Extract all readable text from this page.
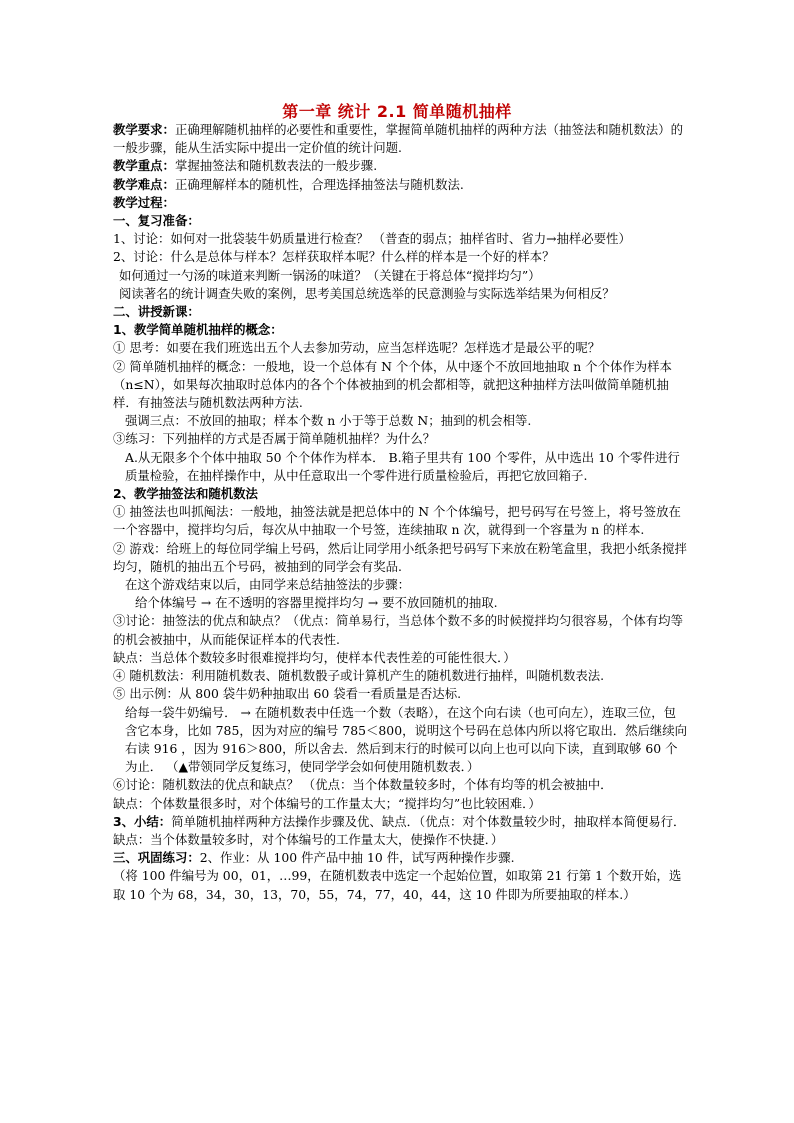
第一章 统计 2.1 简单随机抽样

教学要求：正确理解随机抽样的必要性和重要性，掌握简单随机抽样的两种方法（抽签法和随机数法）的一般步骤，能从生活实际中提出一定价值的统计问题.

教学重点：掌握抽签法和随机数表法的一般步骤.

教学难点：正确理解样本的随机性，合理选择抽签法与随机数法.

教学过程：

一、复习准备：

1、讨论：如何对一批袋装牛奶质量进行检查？ （普查的弱点；抽样省时、省力→抽样必要性）

2、讨论：什么是总体与样本？怎样获取样本呢？什么样的样本是一个好的样本？

如何通过一勺汤的味道来判断一锅汤的味道？（关键在于将总体“搅拌均匀”）

阅读著名的统计调查失败的案例，思考美国总统选举的民意测验与实际选举结果为何相反？

二、讲授新课：

1、教学简单随机抽样的概念：

① 思考：如要在我们班选出五个人去参加劳动，应当怎样选呢？怎样选才是最公平的呢？

② 简单随机抽样的概念：一般地，设一个总体有 N 个个体，从中逐个不放回地抽取 n 个个体作为样本（n≤N），如果每次抽取时总体内的各个个体被抽到的机会都相等，就把这种抽样方法叫做简单随机抽样．有抽签法与随机数法两种方法.

强调三点：不放回的抽取；样本个数 n 小于等于总数 N；抽到的机会相等.

③练习：下列抽样的方式是否属于简单随机抽样？为什么？

A.从无限多个个体中抽取 50 个个体作为样本． B.箱子里共有 100 个零件，从中选出 10 个零件进行质量检验，在抽样操作中，从中任意取出一个零件进行质量检验后，再把它放回箱子.

2、教学抽签法和随机数法

① 抽签法也叫抓阄法：一般地，抽签法就是把总体中的 N 个个体编号，把号码写在号签上，将号签放在一个容器中，搅拌均匀后，每次从中抽取一个号签，连续抽取 n 次，就得到一个容量为 n 的样本.

② 游戏：给班上的每位同学编上号码，然后让同学用小纸条把号码写下来放在粉笔盒里，我把小纸条搅拌均匀，随机的抽出五个号码，被抽到的同学会有奖品.

在这个游戏结束以后，由同学来总结抽签法的步骤：

给个体编号 → 在不透明的容器里搅拌均匀 → 要不放回随机的抽取.

③讨论：抽签法的优点和缺点？（优点：简单易行，当总体个数不多的时候搅拌均匀很容易，个体有均等的机会被抽中，从而能保证样本的代表性.

缺点：当总体个数较多时很难搅拌均匀，使样本代表性差的可能性很大．）

④ 随机数法：利用随机数表、随机数骰子或计算机产生的随机数进行抽样，叫随机数表法.

⑤ 出示例：从 800 袋牛奶种抽取出 60 袋看一看质量是否达标.

给每一袋牛奶编号． → 在随机数表中任选一个数（表略），在这个向右读（也可向左），连取三位，包含它本身，比如 785，因为对应的编号 785＜800，说明这个号码在总体内所以将它取出．然后继续向右读 916 ，因为 916＞800，所以舍去．然后到末行的时候可以向上也可以向下读，直到取够 60 个为止． （▲带领同学反复练习，使同学学会如何使用随机数表．）

⑥讨论：随机数法的优点和缺点？ （优点：当个体数量较多时，个体有均等的机会被抽中．

缺点：个体数量很多时，对个体编号的工作量太大；“搅拌均匀”也比较困难．）

3、小结：简单随机抽样两种方法操作步骤及优、缺点．（优点：对个体数量较少时，抽取样本简便易行．缺点：当个体数量较多时，对个体编号的工作量太大，使操作不快捷．）

三、巩固练习：2、作业：从 100 件产品中抽 10 件，试写两种操作步骤.

（将 100 件编号为 00，01，…99，在随机数表中选定一个起始位置，如取第 21 行第 1 个数开始，选取 10 个为 68，34，30，13，70，55，74，77，40，44，这 10 件即为所要抽取的样本.）
